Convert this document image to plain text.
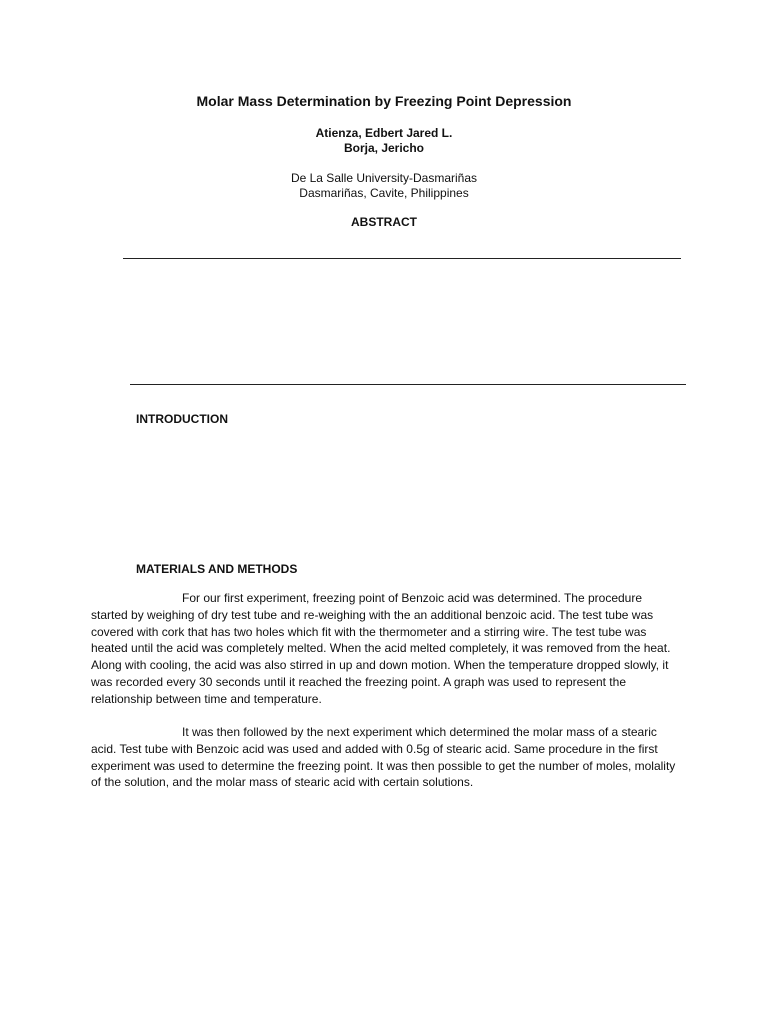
Molar Mass Determination by Freezing Point Depression
Atienza, Edbert Jared L.
Borja, Jericho
De La Salle University-Dasmariñas
Dasmariñas, Cavite, Philippines
ABSTRACT
INTRODUCTION
MATERIALS AND METHODS

For our first experiment, freezing point of Benzoic acid was determined. The procedure started by weighing of dry test tube and re-weighing with the an additional benzoic acid. The test tube was covered with cork that has two holes which fit with the thermometer and a stirring wire. The test tube was heated until the acid was completely melted. When the acid melted completely, it was removed from the heat. Along with cooling, the acid was also stirred in up and down motion. When the temperature dropped slowly, it was recorded every 30 seconds until it reached the freezing point. A graph was used to represent the relationship between time and temperature.

It was then followed by the next experiment which determined the molar mass of a stearic acid. Test tube with Benzoic acid was used and added with 0.5g of stearic acid. Same procedure in the first experiment was used to determine the freezing point. It was then possible to get the number of moles, molality of the solution, and the molar mass of stearic acid with certain solutions.
